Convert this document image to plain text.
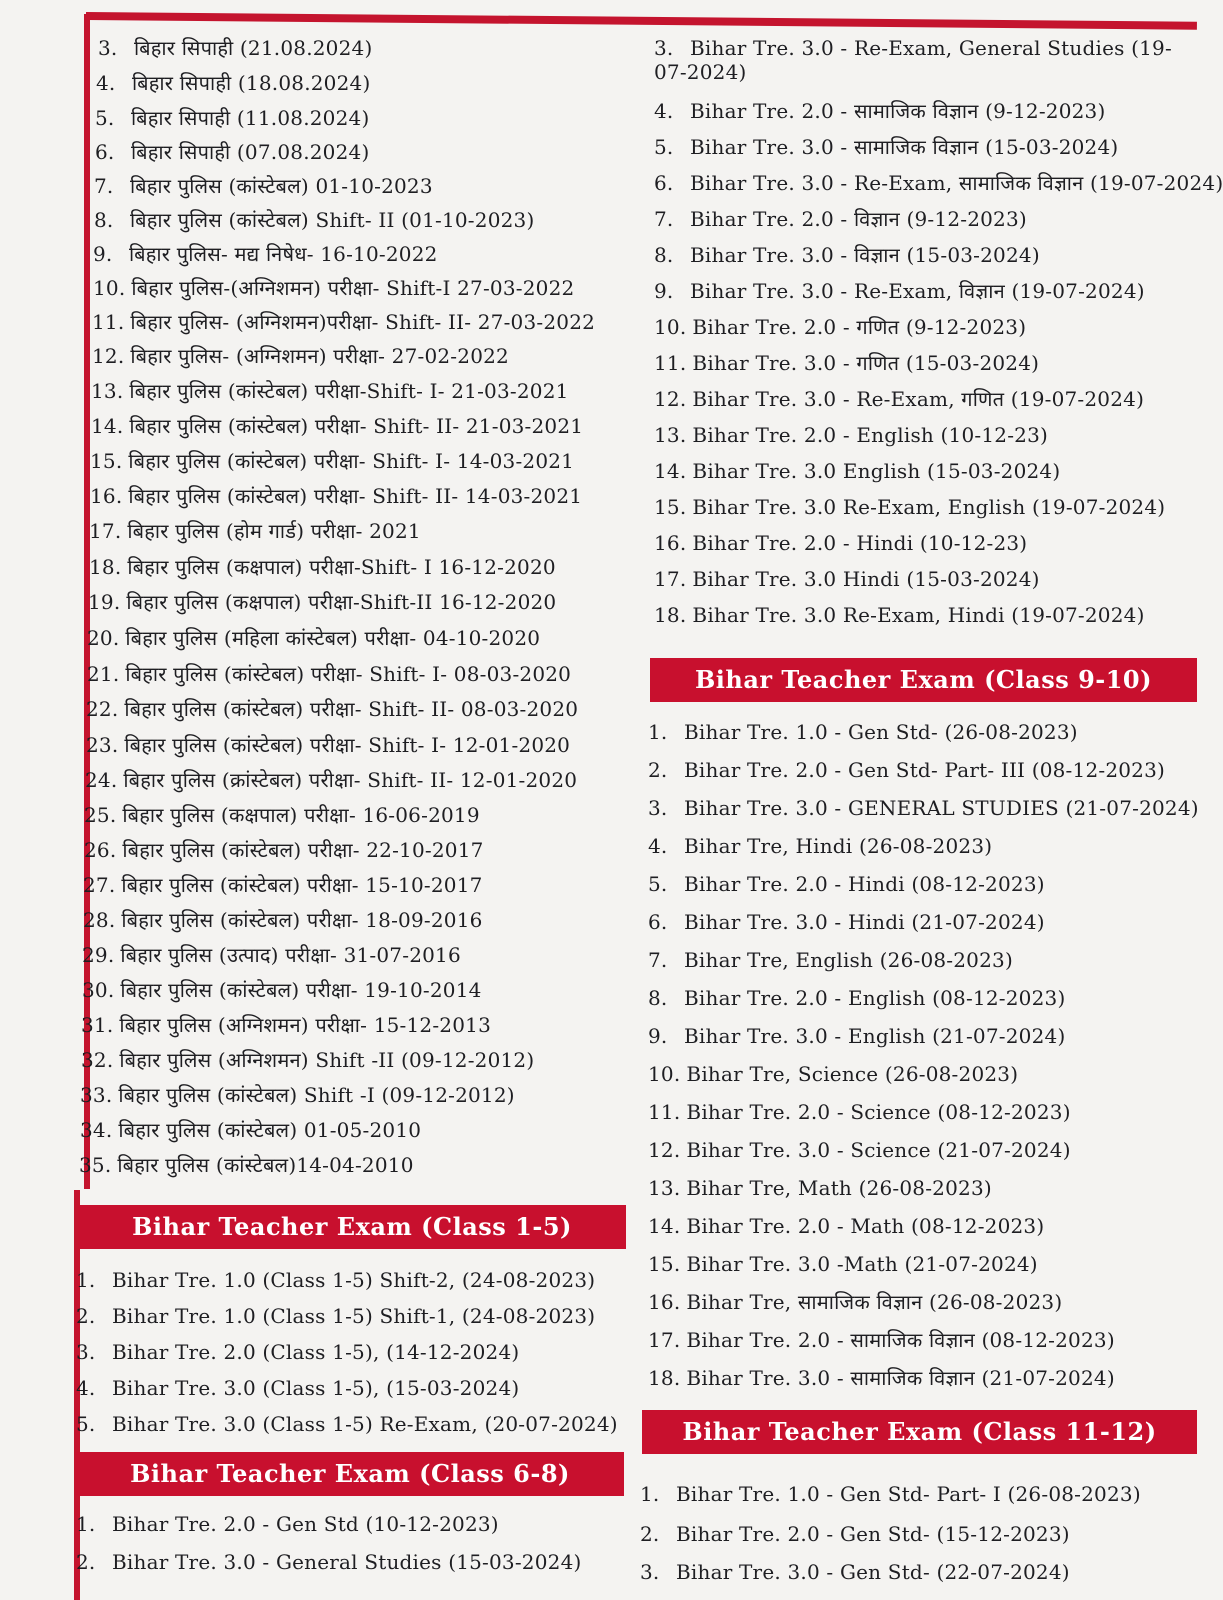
3. बिहार सिपाही (21.08.2024)
4. बिहार सिपाही (18.08.2024)
5. बिहार सिपाही (11.08.2024)
6. बिहार सिपाही (07.08.2024)
7. बिहार पुलिस (कांस्टेबल) 01-10-2023
8. बिहार पुलिस (कांस्टेबल) Shift- II (01-10-2023)
9. बिहार पुलिस- मद्य निषेध- 16-10-2022
10. बिहार पुलिस-(अग्निशमन) परीक्षा- Shift-I 27-03-2022
11. बिहार पुलिस- (अग्निशमन)परीक्षा- Shift- II- 27-03-2022
12. बिहार पुलिस- (अग्निशमन) परीक्षा- 27-02-2022
13. बिहार पुलिस (कांस्टेबल) परीक्षा-Shift- I- 21-03-2021
14. बिहार पुलिस (कांस्टेबल) परीक्षा- Shift- II- 21-03-2021
15. बिहार पुलिस (कांस्टेबल) परीक्षा- Shift- I- 14-03-2021
16. बिहार पुलिस (कांस्टेबल) परीक्षा- Shift- II- 14-03-2021
17. बिहार पुलिस (होम गार्ड) परीक्षा- 2021
18. बिहार पुलिस (कक्षपाल) परीक्षा-Shift- I 16-12-2020
19. बिहार पुलिस (कक्षपाल) परीक्षा-Shift-II 16-12-2020
20. बिहार पुलिस (महिला कांस्टेबल) परीक्षा- 04-10-2020
21. बिहार पुलिस (कांस्टेबल) परीक्षा- Shift- I- 08-03-2020
22. बिहार पुलिस (कांस्टेबल) परीक्षा- Shift- II- 08-03-2020
23. बिहार पुलिस (कांस्टेबल) परीक्षा- Shift- I- 12-01-2020
24. बिहार पुलिस (क्रांस्टेबल) परीक्षा- Shift- II- 12-01-2020
25. बिहार पुलिस (कक्षपाल) परीक्षा- 16-06-2019
26. बिहार पुलिस (कांस्टेबल) परीक्षा- 22-10-2017
27. बिहार पुलिस (कांस्टेबल) परीक्षा- 15-10-2017
28. बिहार पुलिस (कांस्टेबल) परीक्षा- 18-09-2016
29. बिहार पुलिस (उत्पाद) परीक्षा- 31-07-2016
30. बिहार पुलिस (कांस्टेबल) परीक्षा- 19-10-2014
31. बिहार पुलिस (अग्निशमन) परीक्षा- 15-12-2013
32. बिहार पुलिस (अग्निशमन) Shift -II (09-12-2012)
33. बिहार पुलिस (कांस्टेबल) Shift -I (09-12-2012)
34. बिहार पुलिस (कांस्टेबल) 01-05-2010
35. बिहार पुलिस (कांस्टेबल)14-04-2010
Bihar Teacher Exam (Class 1-5)
1. Bihar Tre. 1.0 (Class 1-5) Shift-2, (24-08-2023)
2. Bihar Tre. 1.0 (Class 1-5) Shift-1, (24-08-2023)
3. Bihar Tre. 2.0 (Class 1-5), (14-12-2024)
4. Bihar Tre. 3.0 (Class 1-5), (15-03-2024)
5. Bihar Tre. 3.0 (Class 1-5) Re-Exam, (20-07-2024)
Bihar Teacher Exam (Class 6-8)
1. Bihar Tre. 2.0 - Gen Std (10-12-2023)
2. Bihar Tre. 3.0 - General Studies (15-03-2024)
3. Bihar Tre. 3.0 - Re-Exam, General Studies (19-07-2024)
4. Bihar Tre. 2.0 - सामाजिक विज्ञान (9-12-2023)
5. Bihar Tre. 3.0 - सामाजिक विज्ञान (15-03-2024)
6. Bihar Tre. 3.0 - Re-Exam, सामाजिक विज्ञान (19-07-2024)
7. Bihar Tre. 2.0 - विज्ञान (9-12-2023)
8. Bihar Tre. 3.0 - विज्ञान (15-03-2024)
9. Bihar Tre. 3.0 - Re-Exam, विज्ञान (19-07-2024)
10. Bihar Tre. 2.0 - गणित (9-12-2023)
11. Bihar Tre. 3.0 - गणित (15-03-2024)
12. Bihar Tre. 3.0 - Re-Exam, गणित (19-07-2024)
13. Bihar Tre. 2.0 - English (10-12-23)
14. Bihar Tre. 3.0 English (15-03-2024)
15. Bihar Tre. 3.0 Re-Exam, English (19-07-2024)
16. Bihar Tre. 2.0 - Hindi (10-12-23)
17. Bihar Tre. 3.0 Hindi (15-03-2024)
18. Bihar Tre. 3.0 Re-Exam, Hindi (19-07-2024)
Bihar Teacher Exam (Class 9-10)
1. Bihar Tre. 1.0 - Gen Std- (26-08-2023)
2. Bihar Tre. 2.0 - Gen Std- Part- III (08-12-2023)
3. Bihar Tre. 3.0 - GENERAL STUDIES (21-07-2024)
4. Bihar Tre, Hindi (26-08-2023)
5. Bihar Tre. 2.0 - Hindi (08-12-2023)
6. Bihar Tre. 3.0 - Hindi (21-07-2024)
7. Bihar Tre, English (26-08-2023)
8. Bihar Tre. 2.0 - English (08-12-2023)
9. Bihar Tre. 3.0 - English (21-07-2024)
10. Bihar Tre, Science (26-08-2023)
11. Bihar Tre. 2.0 - Science (08-12-2023)
12. Bihar Tre. 3.0 - Science (21-07-2024)
13. Bihar Tre, Math (26-08-2023)
14. Bihar Tre. 2.0 - Math (08-12-2023)
15. Bihar Tre. 3.0 -Math (21-07-2024)
16. Bihar Tre, सामाजिक विज्ञान (26-08-2023)
17. Bihar Tre. 2.0 - सामाजिक विज्ञान (08-12-2023)
18. Bihar Tre. 3.0 - सामाजिक विज्ञान (21-07-2024)
Bihar Teacher Exam (Class 11-12)
1. Bihar Tre. 1.0 - Gen Std- Part- I (26-08-2023)
2. Bihar Tre. 2.0 - Gen Std- (15-12-2023)
3. Bihar Tre. 3.0 - Gen Std- (22-07-2024)
